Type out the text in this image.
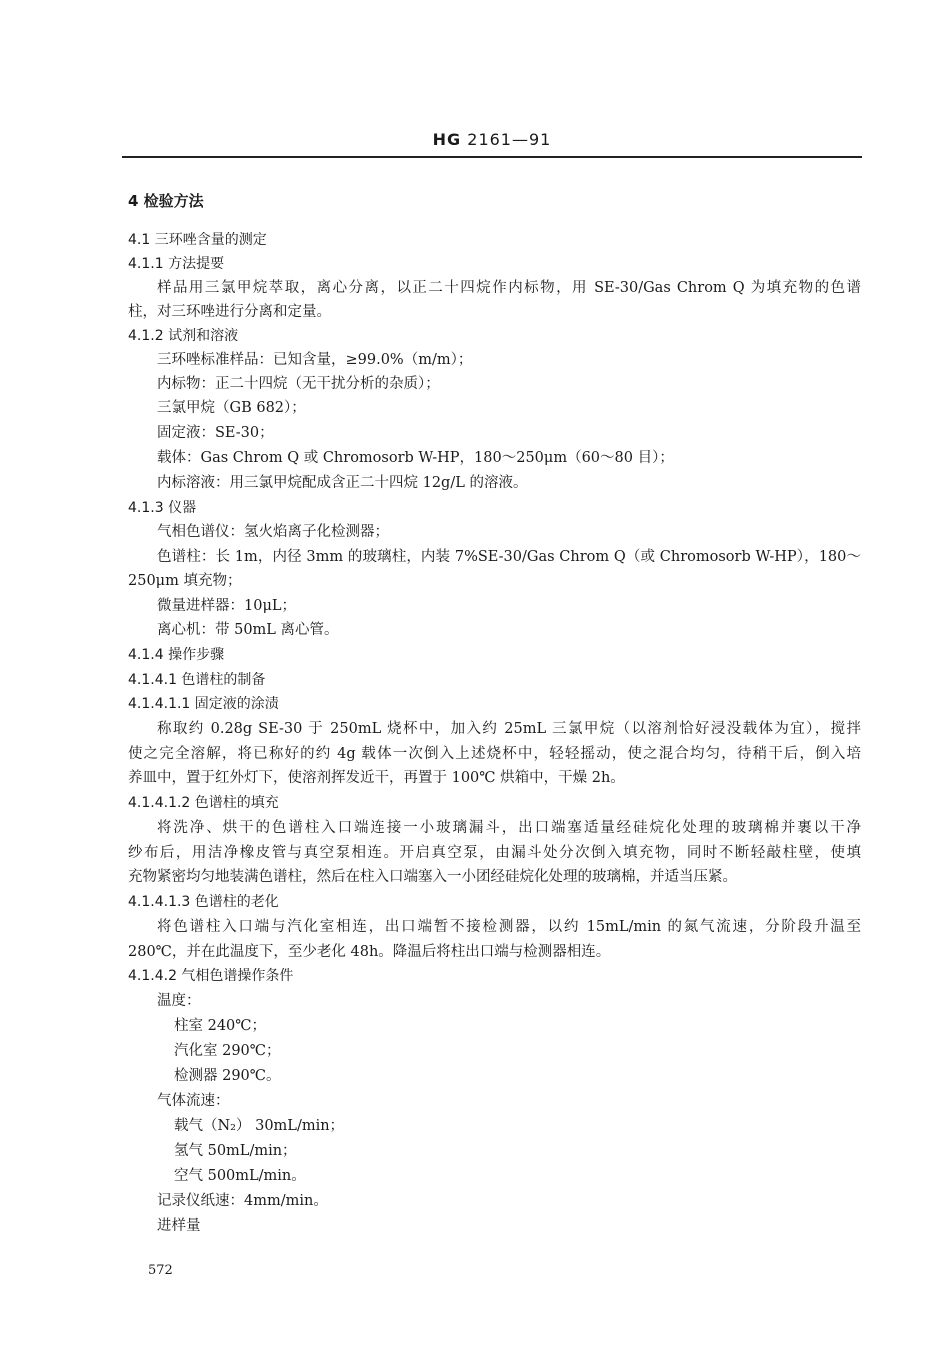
HG 2161—91
4 检验方法
4.1 三环唑含量的测定
4.1.1 方法提要
样品用三氯甲烷萃取，离心分离，以正二十四烷作内标物，用 SE-30/Gas Chrom Q 为填充物的色谱
柱，对三环唑进行分离和定量。
4.1.2 试剂和溶液
三环唑标准样品：已知含量，≥99.0%（m/m）；
内标物：正二十四烷（无干扰分析的杂质）；
三氯甲烷（GB 682）；
固定液：SE-30；
载体：Gas Chrom Q 或 Chromosorb W-HP，180～250μm（60～80 目）；
内标溶液：用三氯甲烷配成含正二十四烷 12g/L 的溶液。
4.1.3 仪器
气相色谱仪：氢火焰离子化检测器；
色谱柱：长 1m，内径 3mm 的玻璃柱，内装 7%SE-30/Gas Chrom Q（或 Chromosorb W-HP），180～
250μm 填充物；
微量进样器：10μL；
离心机：带 50mL 离心管。
4.1.4 操作步骤
4.1.4.1 色谱柱的制备
4.1.4.1.1 固定液的涂渍
称取约 0.28g SE-30 于 250mL 烧杯中，加入约 25mL 三氯甲烷（以溶剂恰好浸没载体为宜），搅拌
使之完全溶解，将已称好的约 4g 载体一次倒入上述烧杯中，轻轻摇动，使之混合均匀，待稍干后，倒入培
养皿中，置于红外灯下，使溶剂挥发近干，再置于 100℃ 烘箱中，干燥 2h。
4.1.4.1.2 色谱柱的填充
将洗净、烘干的色谱柱入口端连接一小玻璃漏斗，出口端塞适量经硅烷化处理的玻璃棉并裹以干净
纱布后，用洁净橡皮管与真空泵相连。开启真空泵，由漏斗处分次倒入填充物，同时不断轻敲柱壁，使填
充物紧密均匀地装满色谱柱，然后在柱入口端塞入一小团经硅烷化处理的玻璃棉，并适当压紧。
4.1.4.1.3 色谱柱的老化
将色谱柱入口端与汽化室相连，出口端暂不接检测器，以约 15mL/min 的氮气流速，分阶段升温至
280℃，并在此温度下，至少老化 48h。降温后将柱出口端与检测器相连。
4.1.4.2 气相色谱操作条件
温度：
柱室 240℃；
汽化室 290℃；
检测器 290℃。
气体流速：
载气（N₂） 30mL/min；
氢气 50mL/min；
空气 500mL/min。
记录仪纸速：4mm/min。
进样量
572
